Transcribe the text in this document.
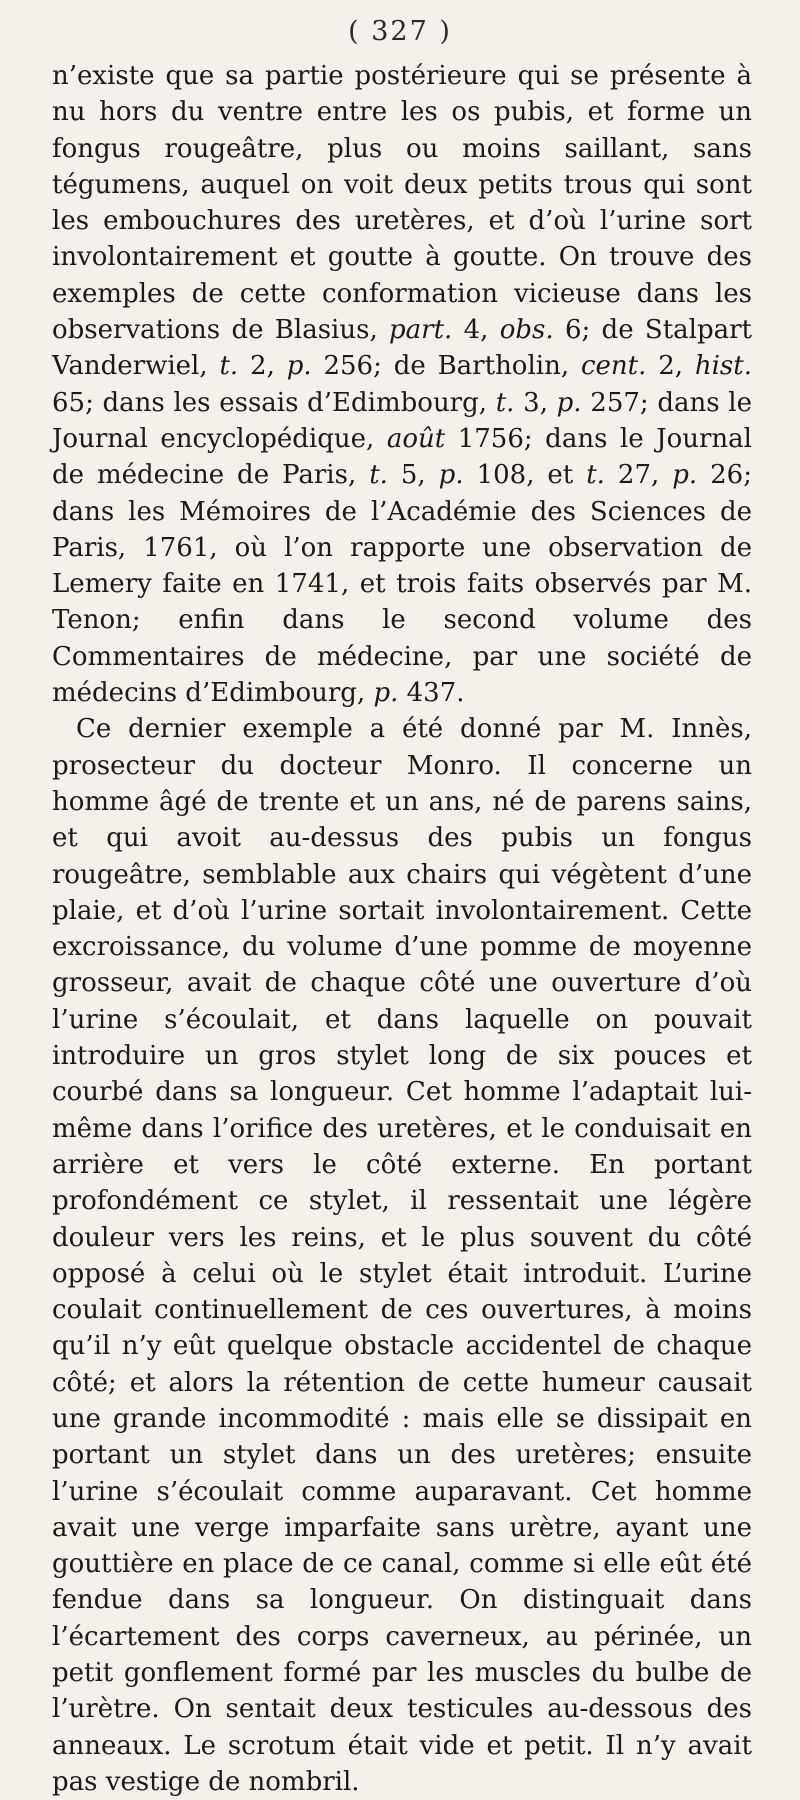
( 327 )

n’existe que sa partie postérieure qui se présente à nu hors du ventre entre les os pubis, et forme un fongus rougeâtre, plus ou moins saillant, sans tégumens, auquel on voit deux petits trous qui sont les embouchures des uretères, et d’où l’urine sort involontairement et goutte à goutte. On trouve des exemples de cette conformation vicieuse dans les observations de Blasius, part. 4, obs. 6; de Stalpart Vanderwiel, t. 2, p. 256; de Bartholin, cent. 2, hist. 65; dans les essais d’Edimbourg, t. 3, p. 257; dans le Journal encyclopédique, août 1756; dans le Journal de médecine de Paris, t. 5, p. 108, et t. 27, p. 26; dans les Mémoires de l’Académie des Sciences de Paris, 1761, où l’on rapporte une observation de Lemery faite en 1741, et trois faits observés par M. Tenon; enfin dans le second volume des Commentaires de médecine, par une société de médecins d’Edimbourg, p. 437.

Ce dernier exemple a été donné par M. Innès, prosecteur du docteur Monro. Il concerne un homme âgé de trente et un ans, né de parens sains, et qui avoit au-dessus des pubis un fongus rougeâtre, semblable aux chairs qui végètent d’une plaie, et d’où l’urine sortait involontairement. Cette excroissance, du volume d’une pomme de moyenne grosseur, avait de chaque côté une ouverture d’où l’urine s’écoulait, et dans laquelle on pouvait introduire un gros stylet long de six pouces et courbé dans sa longueur. Cet homme l’adaptait lui-même dans l’orifice des uretères, et le conduisait en arrière et vers le côté externe. En portant profondément ce stylet, il ressentait une légère douleur vers les reins, et le plus souvent du côté opposé à celui où le stylet était introduit. L’urine coulait continuellement de ces ouvertures, à moins qu’il n’y eût quelque obstacle accidentel de chaque côté; et alors la rétention de cette humeur causait une grande incommodité : mais elle se dissipait en portant un stylet dans un des uretères; ensuite l’urine s’écoulait comme auparavant. Cet homme avait une verge imparfaite sans urètre, ayant une gouttière en place de ce canal, comme si elle eût été fendue dans sa longueur. On distinguait dans l’écartement des corps caverneux, au périnée, un petit gonflement formé par les muscles du bulbe de l’urètre. On sentait deux testicules au-dessous des anneaux. Le scrotum était vide et petit. Il n’y avait pas vestige de nombril.
